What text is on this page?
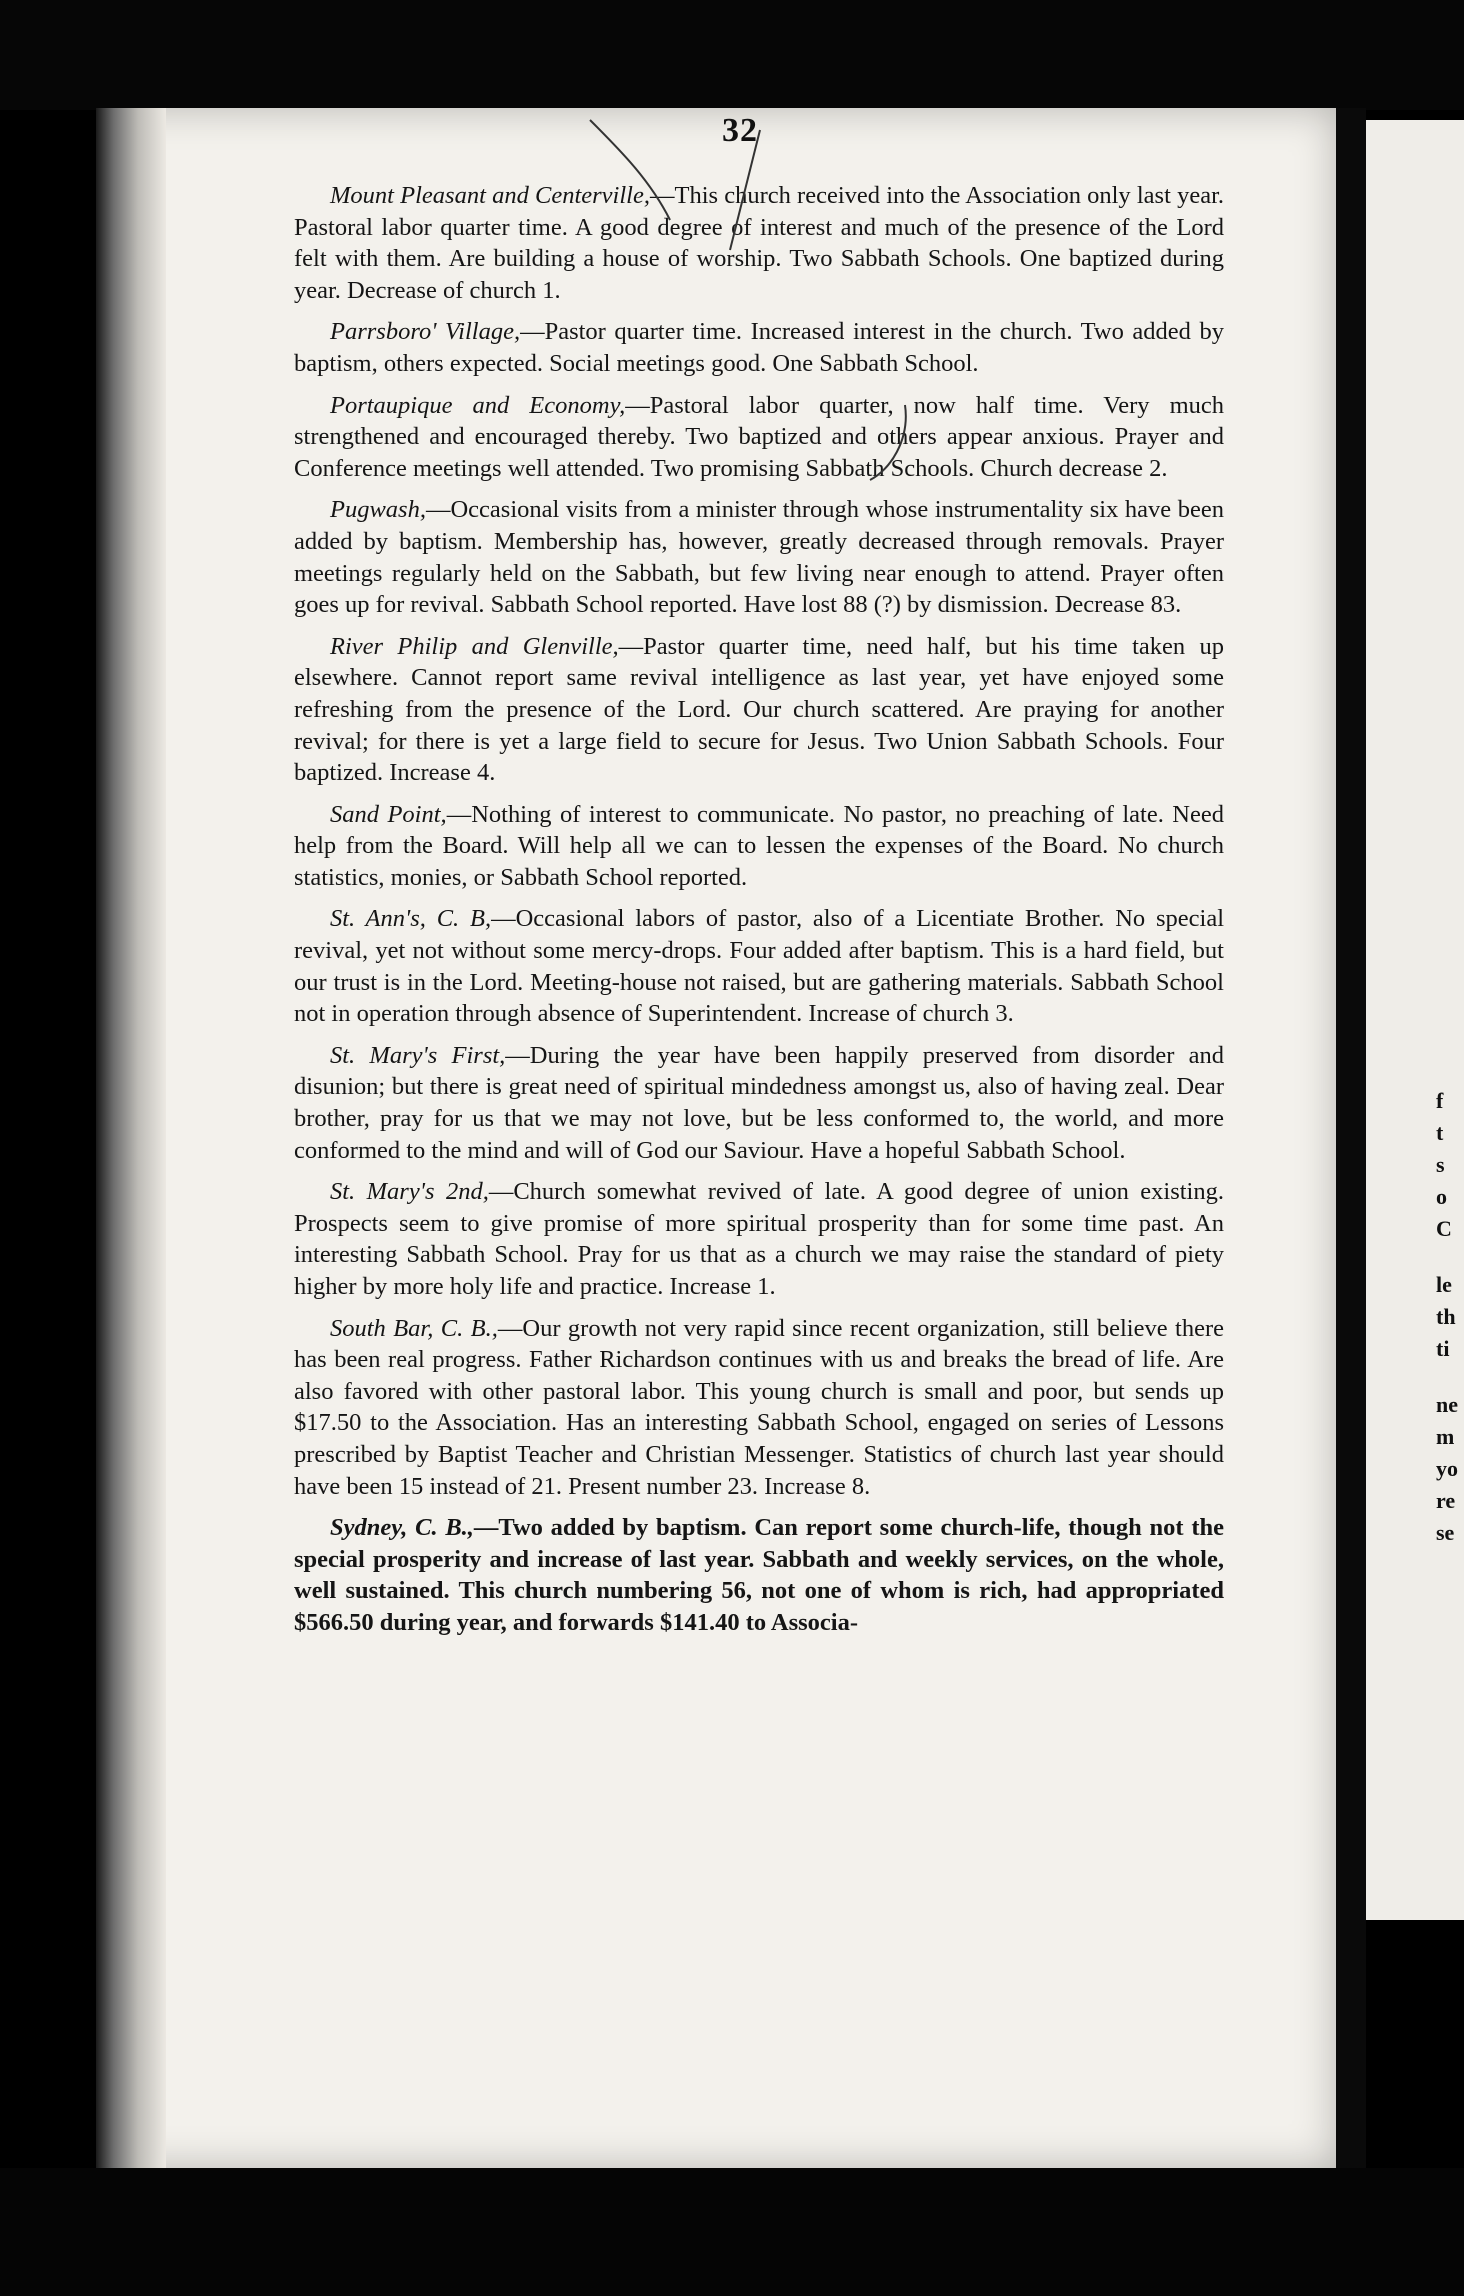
f
t
s
o
C
le
th
ti
ne
m
yo
re
se
32

Mount Pleasant and Centerville,—This church received into the Association only last year. Pastoral labor quarter time. A good degree of interest and much of the presence of the Lord felt with them. Are building a house of worship. Two Sabbath Schools. One baptized during year. Decrease of church 1.

Parrsboro' Village,—Pastor quarter time. Increased interest in the church. Two added by baptism, others expected. Social meetings good. One Sabbath School.

Portaupique and Economy,—Pastoral labor quarter, now half time. Very much strengthened and encouraged thereby. Two baptized and others appear anxious. Prayer and Conference meetings well attended. Two promising Sabbath Schools. Church decrease 2.

Pugwash,—Occasional visits from a minister through whose instrumentality six have been added by baptism. Membership has, however, greatly decreased through removals. Prayer meetings regularly held on the Sabbath, but few living near enough to attend. Prayer often goes up for revival. Sabbath School reported. Have lost 88 (?) by dismission. Decrease 83.

River Philip and Glenville,—Pastor quarter time, need half, but his time taken up elsewhere. Cannot report same revival intelligence as last year, yet have enjoyed some refreshing from the presence of the Lord. Our church scattered. Are praying for another revival; for there is yet a large field to secure for Jesus. Two Union Sabbath Schools. Four baptized. Increase 4.

Sand Point,—Nothing of interest to communicate. No pastor, no preaching of late. Need help from the Board. Will help all we can to lessen the expenses of the Board. No church statistics, monies, or Sabbath School reported.

St. Ann's, C. B,—Occasional labors of pastor, also of a Licentiate Brother. No special revival, yet not without some mercy-drops. Four added after baptism. This is a hard field, but our trust is in the Lord. Meeting-house not raised, but are gathering materials. Sabbath School not in operation through absence of Superintendent. Increase of church 3.

St. Mary's First,—During the year have been happily preserved from disorder and disunion; but there is great need of spiritual mindedness amongst us, also of having zeal. Dear brother, pray for us that we may not love, but be less conformed to, the world, and more conformed to the mind and will of God our Saviour. Have a hopeful Sabbath School.

St. Mary's 2nd,—Church somewhat revived of late. A good degree of union existing. Prospects seem to give promise of more spiritual prosperity than for some time past. An interesting Sabbath School. Pray for us that as a church we may raise the standard of piety higher by more holy life and practice. Increase 1.

South Bar, C. B.,—Our growth not very rapid since recent organization, still believe there has been real progress. Father Richardson continues with us and breaks the bread of life. Are also favored with other pastoral labor. This young church is small and poor, but sends up $17.50 to the Association. Has an interesting Sabbath School, engaged on series of Lessons prescribed by Baptist Teacher and Christian Messenger. Statistics of church last year should have been 15 instead of 21. Present number 23. Increase 8.

Sydney, C. B.,—Two added by baptism. Can report some church-life, though not the special prosperity and increase of last year. Sabbath and weekly services, on the whole, well sustained. This church numbering 56, not one of whom is rich, had appropriated $566.50 during year, and forwards $141.40 to Associa-
